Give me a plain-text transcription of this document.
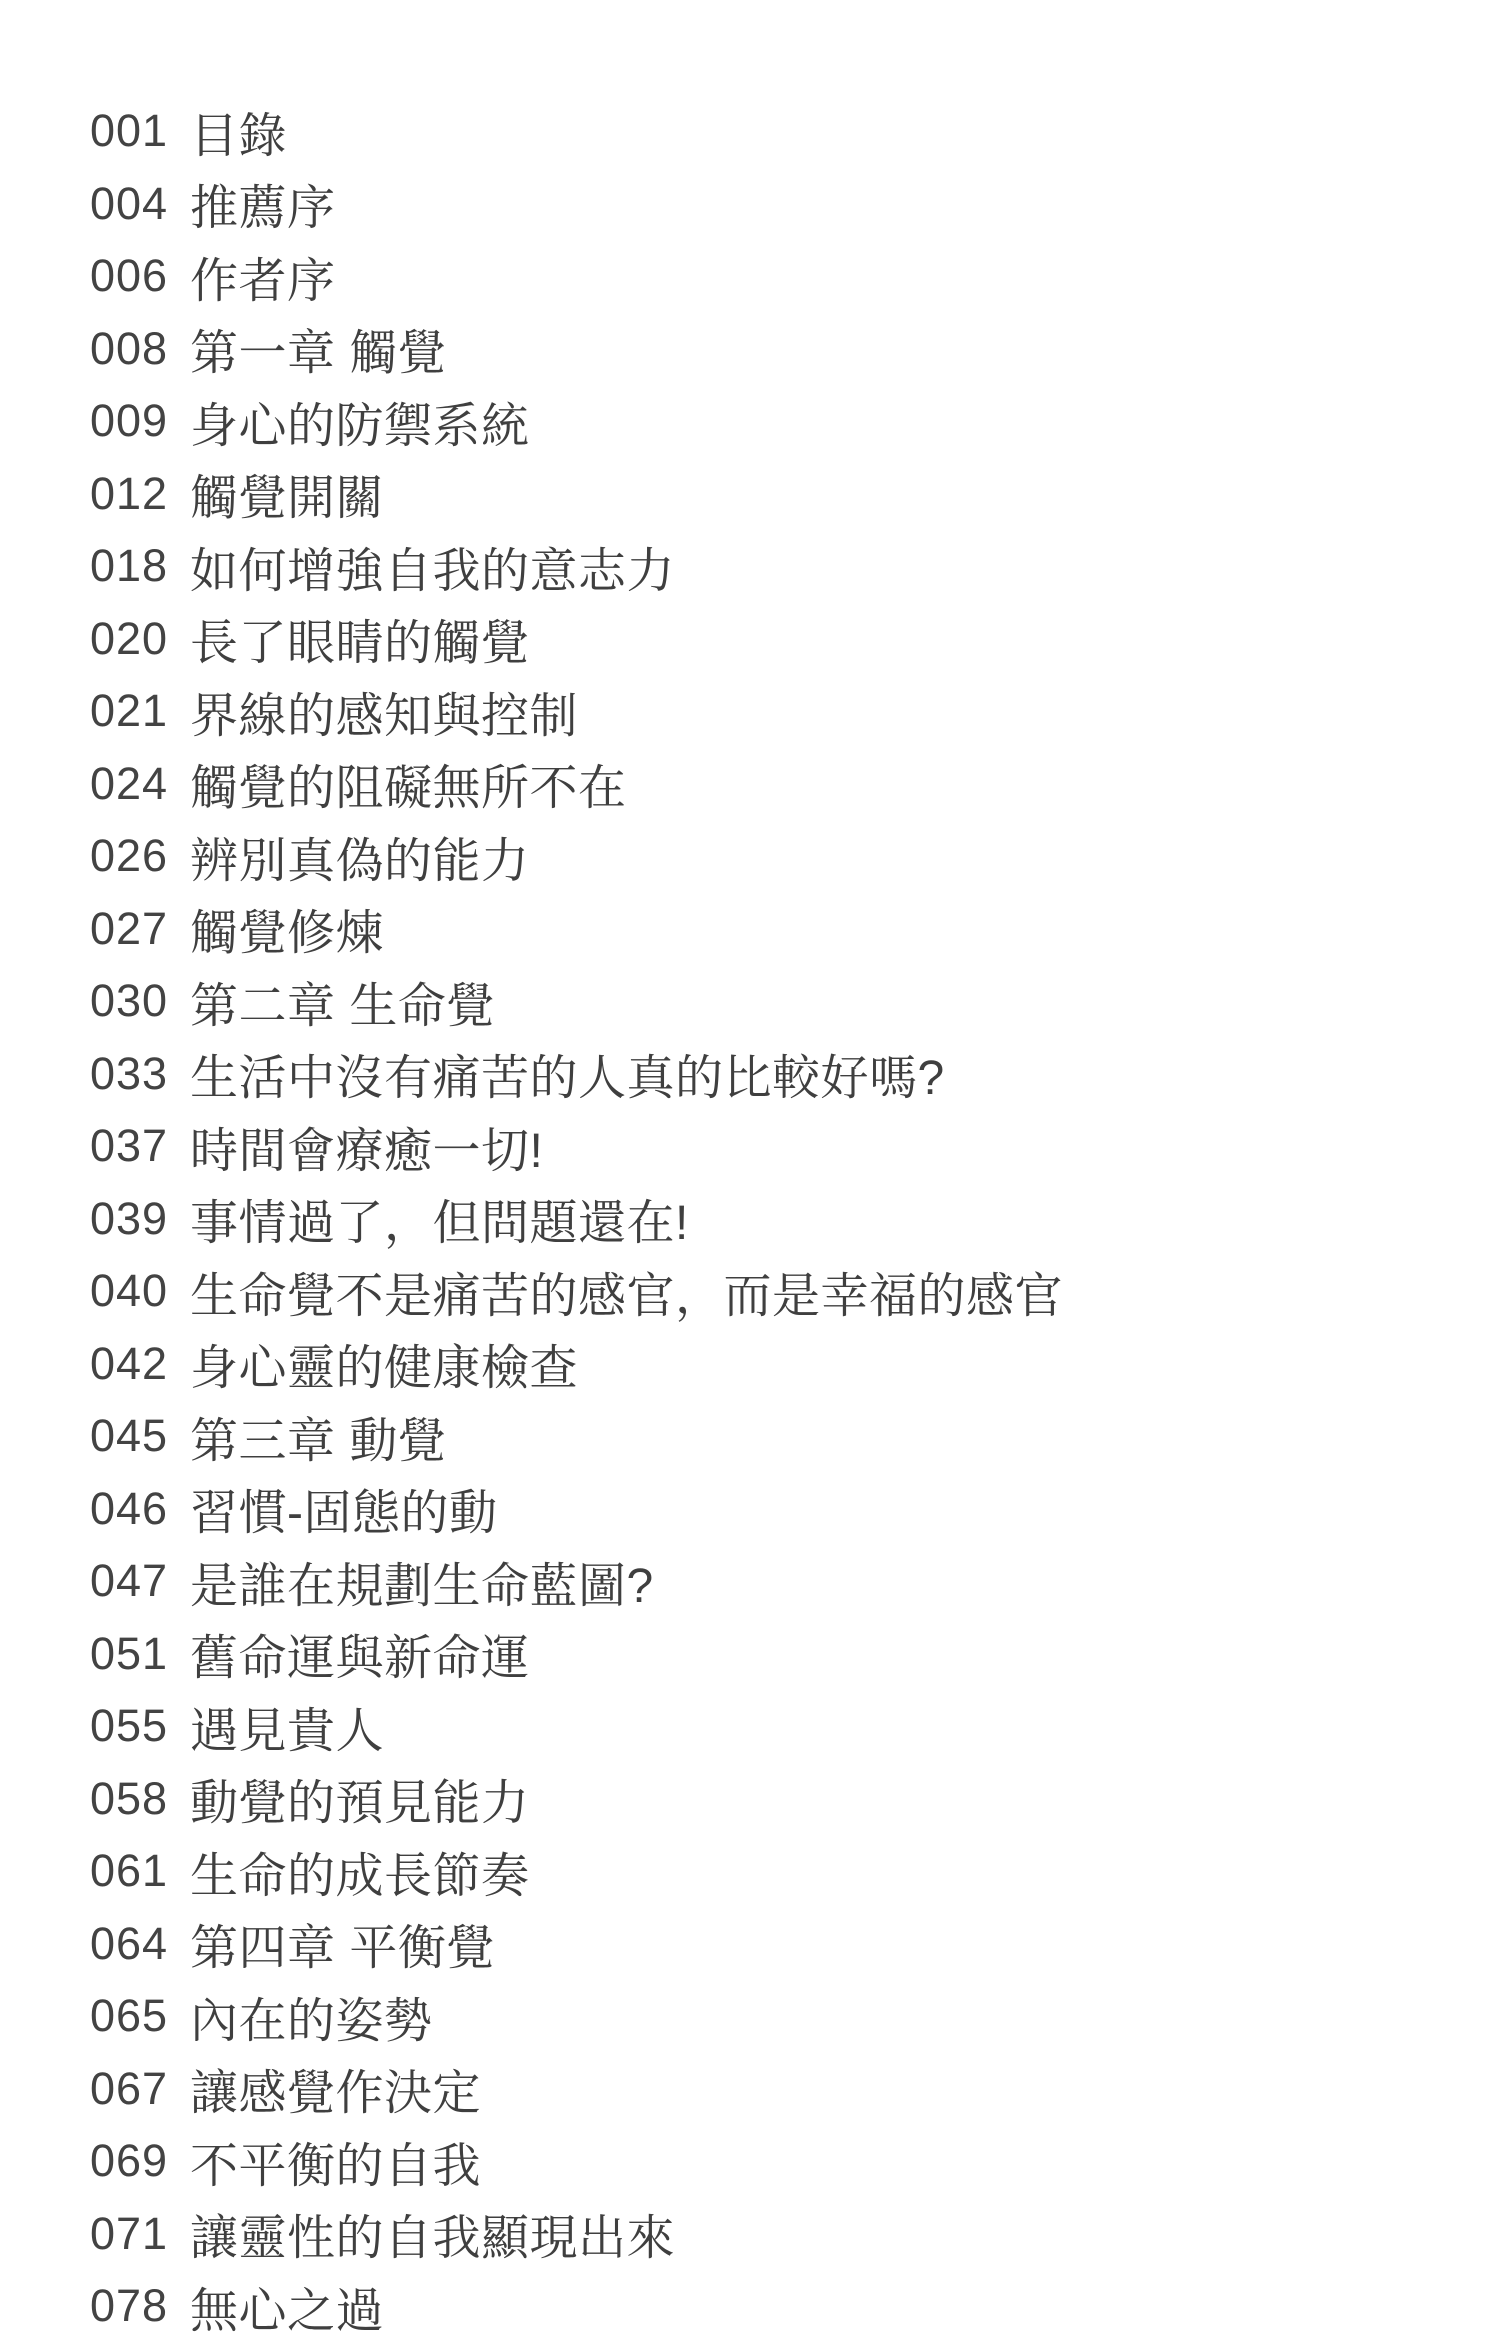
001 目錄
004 推薦序
006 作者序
008 第一章 觸覺
009 身心的防禦系統
012 觸覺開關
018 如何增強自我的意志力
020 長了眼睛的觸覺
021 界線的感知與控制
024 觸覺的阻礙無所不在
026 辨別真偽的能力
027 觸覺修煉
030 第二章 生命覺
033 生活中沒有痛苦的人真的比較好嗎?
037 時間會療癒一切!
039 事情過了，但問題還在!
040 生命覺不是痛苦的感官，而是幸福的感官
042 身心靈的健康檢查
045 第三章 動覺
046 習慣-固態的動
047 是誰在規劃生命藍圖?
051 舊命運與新命運
055 遇見貴人
058 動覺的預見能力
061 生命的成長節奏
064 第四章 平衡覺
065 內在的姿勢
067 讓感覺作決定
069 不平衡的自我
071 讓靈性的自我顯現出來
078 無心之過
